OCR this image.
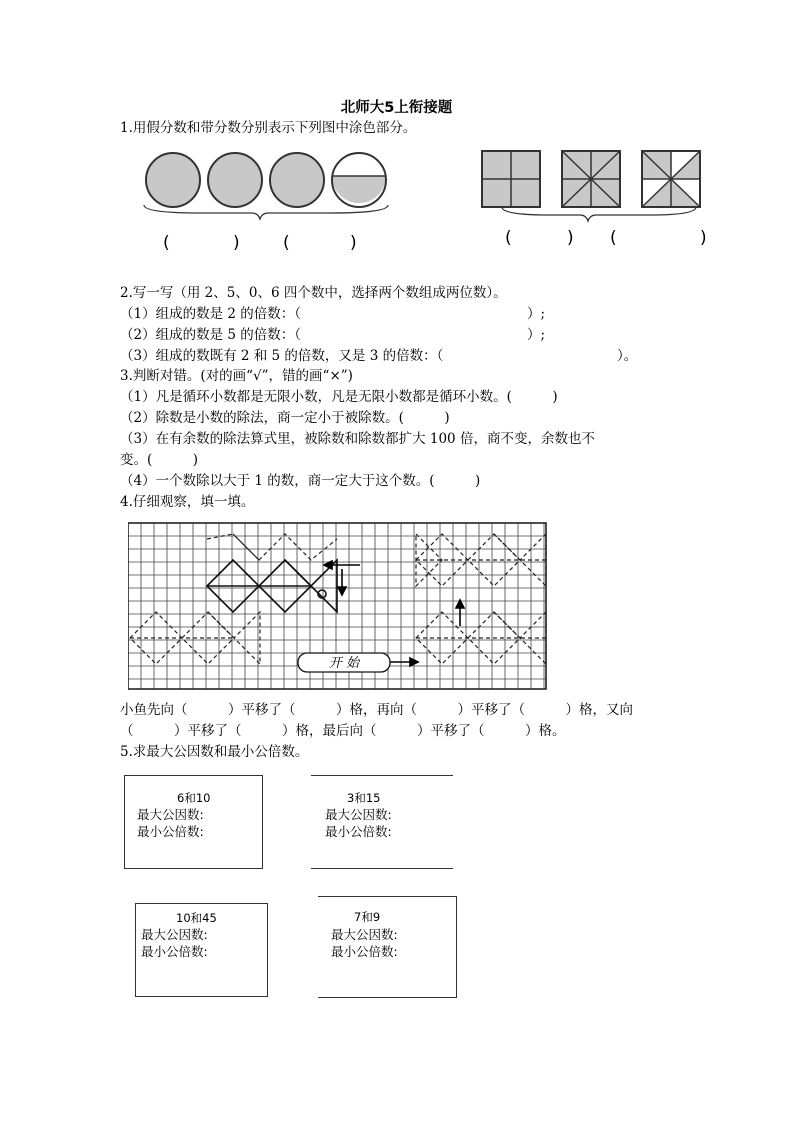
北师大5上衔接题
1.用假分数和带分数分别表示下列图中涂色部分。
(	)	(	)	(	) (	)
2.写一写（用 2、5、0、6 四个数中，选择两个数组成两位数）。
（1）组成的数是 2 的倍数：（	）;
（2）组成的数是 5 的倍数：（	）;
（3）组成的数既有 2 和 5 的倍数，又是 3 的倍数：（	）。
3.判断对错。(对的画“√”，错的画“×”)
（1）凡是循环小数都是无限小数，凡是无限小数都是循环小数。(　　　)
（2）除数是小数的除法，商一定小于被除数。(　　　)
（3）在有余数的除法算式里，被除数和除数都扩大 100 倍，商不变，余数也不
变。(　　　)
（4）一个数除以大于 1 的数，商一定大于这个数。(　　　)
4.仔细观察，填一填。
开 始
小鱼先向（　　　）平移了（　　　）格，再向（　　　）平移了（　　　）格，又向
（　　　）平移了（　　　）格，最后向（　　　）平移了（　　　）格。
5.求最大公因数和最小公倍数。
6和10
最大公因数:
最小公倍数:
3和15
最大公因数:
最小公倍数:
10和45
最大公因数:
最小公倍数:
7和9
最大公因数:
最小公倍数:
